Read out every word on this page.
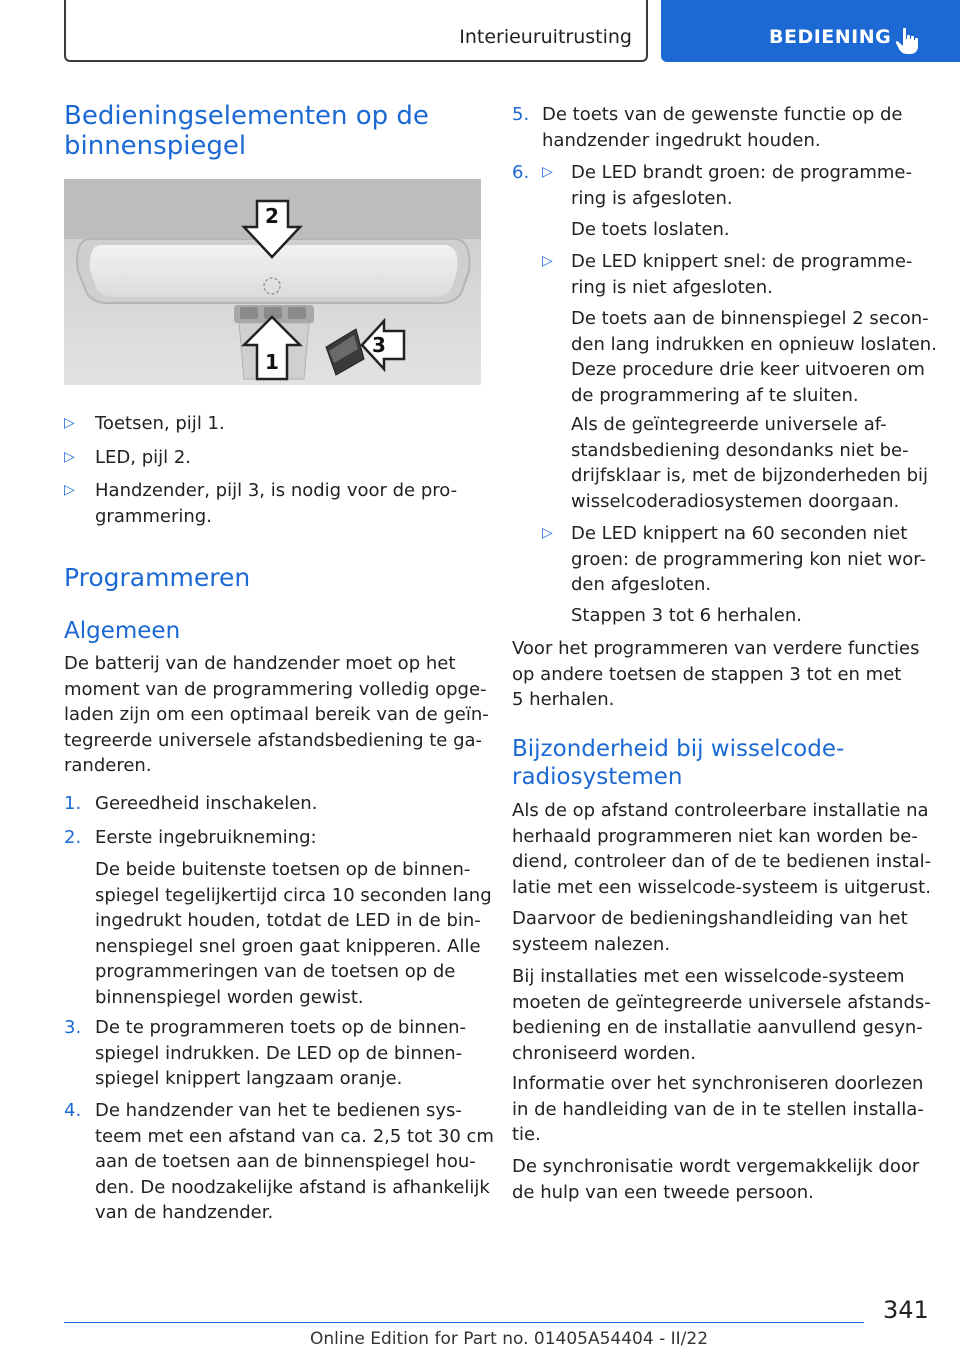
Interieuruitrusting	BEDIENING
Bedieningselementen op de
binnenspiegel
2
1
3
▷ Toetsen, pijl 1.

▷ LED, pijl 2.

▷ Handzender, pijl 3, is nodig voor de pro-
grammering.

Programmeren
Algemeen

De batterij van de handzender moet op het
moment van de programmering volledig opge-
laden zijn om een optimaal bereik van de geïn-
tegreerde universele afstandsbediening te ga-
randeren.

1. Gereedheid inschakelen.

2. Eerste ingebruikneming:

De beide buitenste toetsen op de binnen-
spiegel tegelijkertijd circa 10 seconden lang
ingedrukt houden, totdat de LED in de bin-
nenspiegel snel groen gaat knipperen. Alle
programmeringen van de toetsen op de
binnenspiegel worden gewist.

3. De te programmeren toets op de binnen-
spiegel indrukken. De LED op de binnen-
spiegel knippert langzaam oranje.

4. De handzender van het te bedienen sys-
teem met een afstand van ca. 2,5 tot 30 cm
aan de toetsen aan de binnenspiegel hou-
den. De noodzakelijke afstand is afhankelijk
van de handzender.

5. De toets van de gewenste functie op de
handzender ingedrukt houden.

6. ▷ De LED brandt groen: de programme-
ring is afgesloten.

De toets loslaten.

▷ De LED knippert snel: de programme-
ring is niet afgesloten.

De toets aan de binnenspiegel 2 secon-
den lang indrukken en opnieuw loslaten.
Deze procedure drie keer uitvoeren om
de programmering af te sluiten.

Als de geïntegreerde universele af-
standsbediening desondanks niet be-
drijfsklaar is, met de bijzonderheden bij
wisselcoderadiosystemen doorgaan.

▷ De LED knippert na 60 seconden niet
groen: de programmering kon niet wor-
den afgesloten.

Stappen 3 tot 6 herhalen.

Voor het programmeren van verdere functies
op andere toetsen de stappen 3 tot en met
5 herhalen.

Bijzonderheid bij wisselcode-
radiosystemen

Als de op afstand controleerbare installatie na
herhaald programmeren niet kan worden be-
diend, controleer dan of de te bedienen instal-
latie met een wisselcode-systeem is uitgerust.

Daarvoor de bedieningshandleiding van het
systeem nalezen.

Bij installaties met een wisselcode-systeem
moeten de geïntegreerde universele afstands-
bediening en de installatie aanvullend gesyn-
chroniseerd worden.

Informatie over het synchroniseren doorlezen
in de handleiding van de in te stellen installa-
tie.

De synchronisatie wordt vergemakkelijk door
de hulp van een tweede persoon.

341
Online Edition for Part no. 01405A54404 - II/22
